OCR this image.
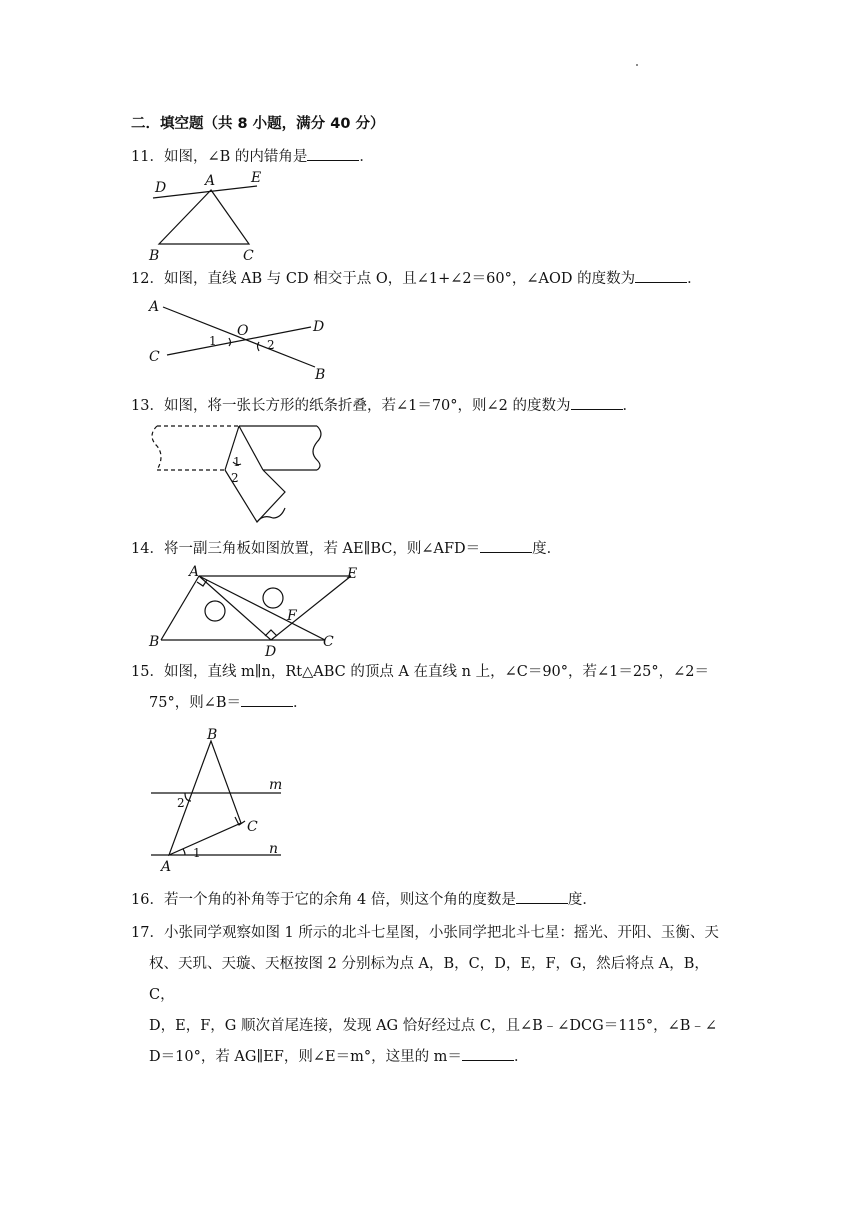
二．填空题（共 8 小题，满分 40 分）
11．如图，∠B 的内错角是	．
D	A	E
B	C
12．如图，直线 AB 与 CD 相交于点 O，且∠1+∠2＝60°，∠AOD 的度数为	．
A
O	D
C
B
1	2
13．如图，将一张长方形的纸条折叠，若∠1＝70°，则∠2 的度数为	．
1
2
14．将一副三角板如图放置，若 AE∥BC，则∠AFD＝	度．
A	E
F
B
D
C
15．如图，直线 m∥n，Rt△ABC 的顶点 A 在直线 n 上，∠C＝90°，若∠1＝25°，∠2＝
75°，则∠B＝	．
B
m
2
C
A
1	n
16．若一个角的补角等于它的余角 4 倍，则这个角的度数是	度．
17．小张同学观察如图 1 所示的北斗七星图，小张同学把北斗七星：摇光、开阳、玉衡、天
权、天玑、天璇、天枢按图 2 分别标为点 A，B，C，D，E，F，G，然后将点 A，B，C，
D，E，F，G 顺次首尾连接，发现 AG 恰好经过点 C，且∠B﹣∠DCG＝115°，∠B﹣∠
D＝10°，若 AG∥EF，则∠E＝m°，这里的 m＝	．
